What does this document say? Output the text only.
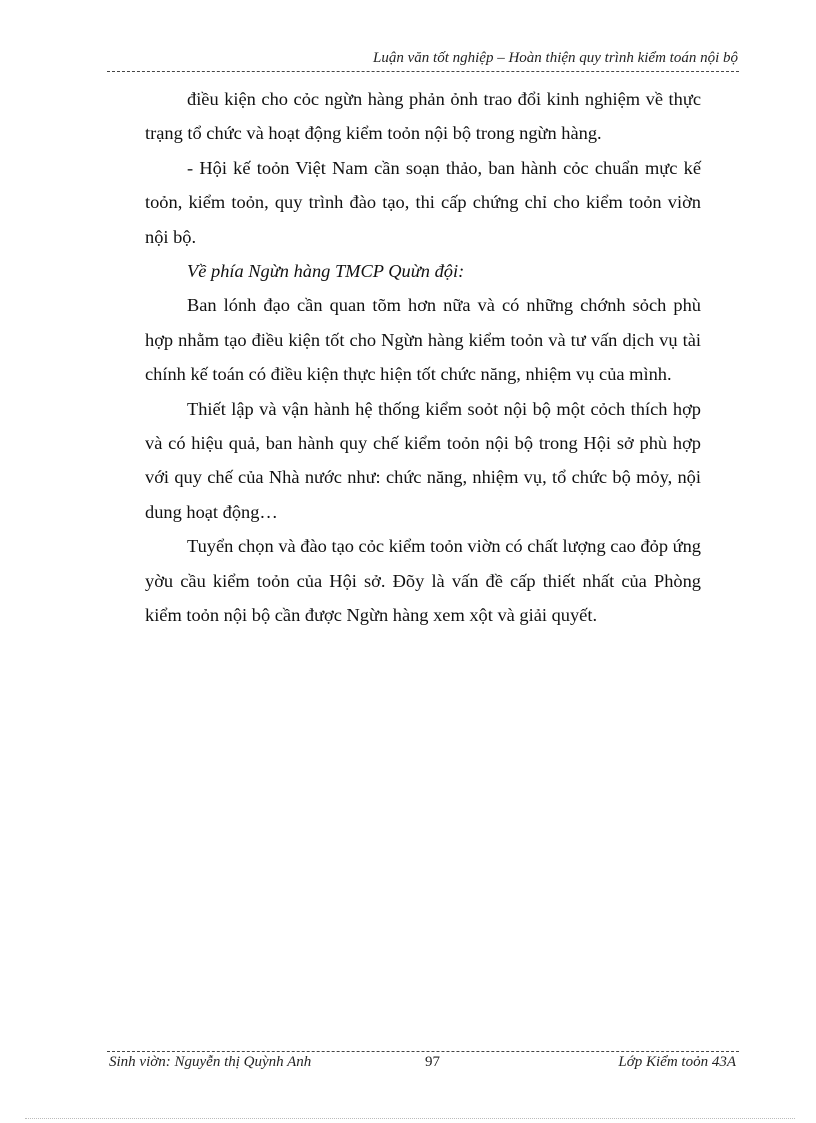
Luận văn tốt nghiệp – Hoàn thiện quy trình kiểm toán nội bộ

điều kiện cho cỏc ngừn hàng phản ỏnh trao đổi kinh nghiệm về thực trạng tổ chức và hoạt động kiểm toỏn nội bộ trong ngừn hàng.

- Hội kế toỏn Việt Nam cần soạn thảo, ban hành cỏc chuẩn mực kế toỏn, kiểm toỏn, quy trình đào tạo, thi cấp chứng chỉ cho kiểm toỏn viờn nội bộ.

Về phía Ngừn hàng TMCP Quừn đội:

Ban lónh đạo cần quan tõm hơn nữa và có những chớnh sỏch phù hợp nhằm tạo điều kiện tốt cho Ngừn hàng kiểm toỏn và tư vấn dịch vụ tài chính kế toán có điều kiện thực hiện tốt chức năng, nhiệm vụ của mình.

Thiết lập và vận hành hệ thống kiểm soỏt nội bộ một cỏch thích hợp và có hiệu quả, ban hành quy chế kiểm toỏn nội bộ trong Hội sở phù hợp với quy chế của Nhà nước như: chức năng, nhiệm vụ, tổ chức bộ mỏy, nội dung hoạt động…

Tuyển chọn và đào tạo cỏc kiểm toỏn viờn có chất lượng cao đỏp ứng yờu cầu kiểm toỏn của Hội sở. Đõy là vấn đề cấp thiết nhất của Phòng kiểm toỏn nội bộ cần được Ngừn hàng xem xột và giải quyết.

Sinh viờn: Nguyễn thị Quỳnh Anh	97	Lớp Kiểm toỏn 43A
